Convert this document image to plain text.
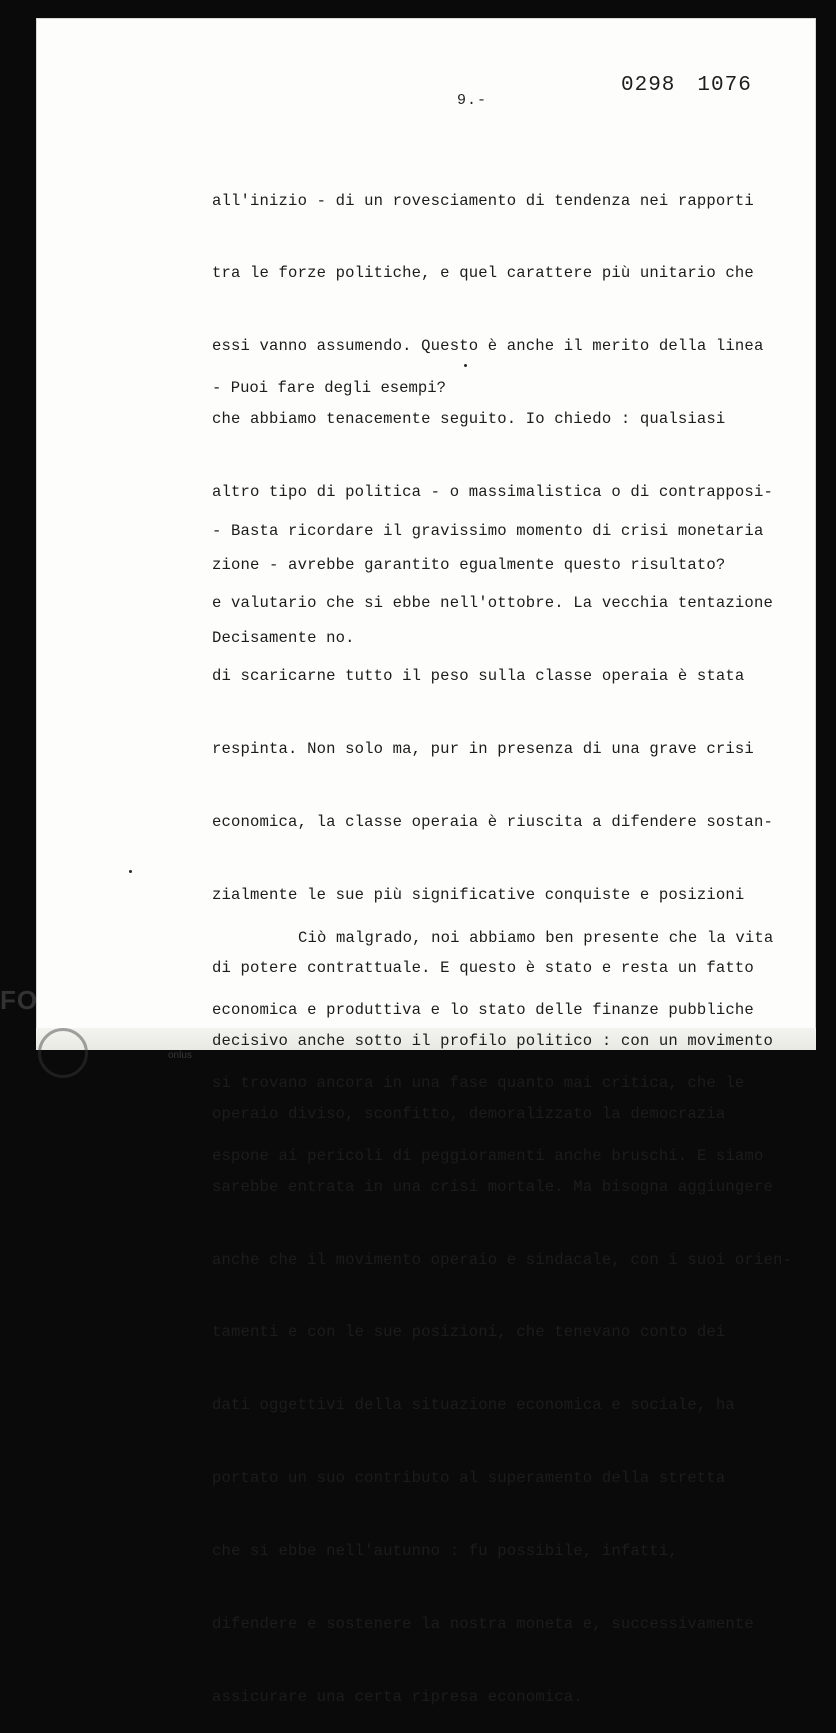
9.-
0298 1076

all'inizio - di un rovesciamento di tendenza nei rapporti

tra le forze politiche, e quel carattere più unitario che

essi vanno assumendo. Questo è anche il merito della linea

che abbiamo tenacemente seguito. Io chiedo : qualsiasi

altro tipo di politica - o massimalistica o di contrapposi-

zione - avrebbe garantito egualmente questo risultato?

Decisamente no.

- Puoi fare degli esempi?

- Basta ricordare il gravissimo momento di crisi monetaria

e valutario che si ebbe nell'ottobre. La vecchia tentazione

di scaricarne tutto il peso sulla classe operaia è stata

respinta. Non solo ma, pur in presenza di una grave crisi

economica, la classe operaia è riuscita a difendere sostan-

zialmente le sue più significative conquiste e posizioni

di potere contrattuale. E questo è stato e resta un fatto

decisivo anche sotto il profilo politico : con un movimento

operaio diviso, sconfitto, demoralizzato la democrazia

sarebbe entrata in una crisi mortale. Ma bisogna aggiungere

anche che il movimento operaio e sindacale, con i suoi orien-

tamenti e con le sue posizioni, che tenevano conto dei

dati oggettivi della situazione economica e sociale, ha

portato un suo contributo al superamento della stretta

che si ebbe nell'autunno : fu possibile, infatti,

difendere e sostenere la nostra moneta e, successivamente

assicurare una certa ripresa economica.

Ciò malgrado, noi abbiamo ben presente che la vita

economica e produttiva e lo stato delle finanze pubbliche

si trovano ancora in una fase quanto mai critica, che le

espone ai pericoli di peggioramenti anche bruschi. E siamo

FO
onlus
